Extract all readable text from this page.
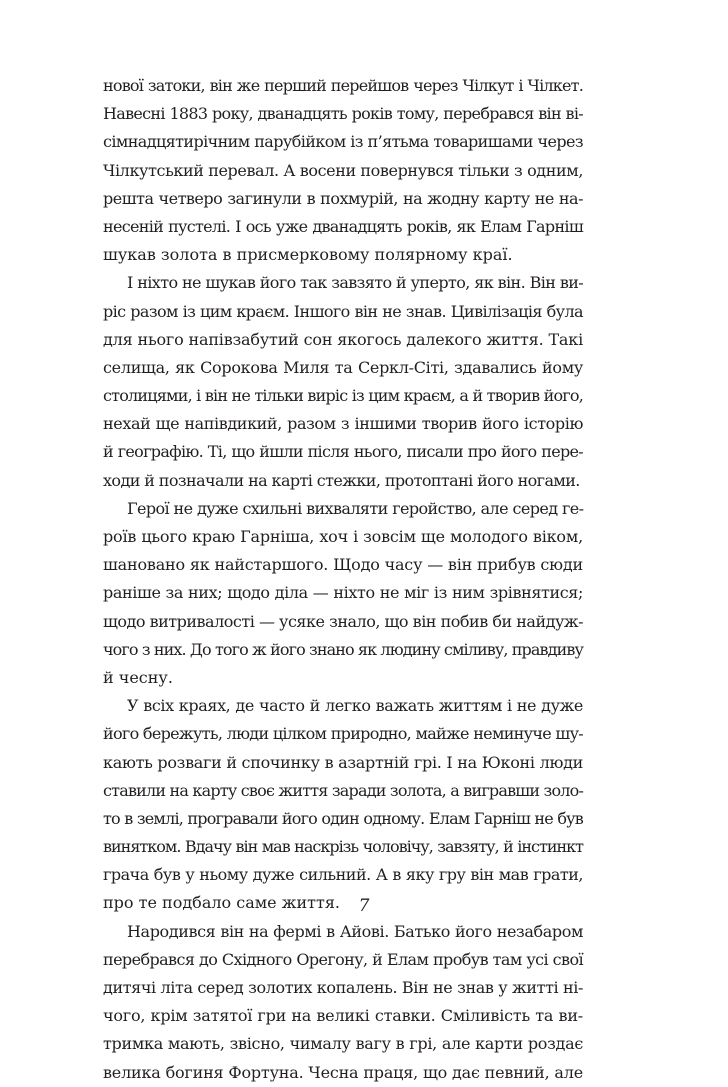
нової затоки, він же перший перейшов через Чілкут і Чілкет.
Навесні 1883 року, дванадцять років тому, перебрався він ві-
сімнадцятирічним парубійком із п’ятьма товаришами через
Чілкутський перевал. А восени повернувся тільки з одним,
решта четверо загинули в похмурій, на жодну карту не на-
несеній пустелі. І ось уже дванадцять років, як Елам Гарніш
шукав золота в присмерковому полярному краї.
І ніхто не шукав його так завзято й уперто, як він. Він ви-
ріс разом із цим краєм. Іншого він не знав. Цивілізація була
для нього напівзабутий сон якогось далекого життя. Такі
селища, як Сорокова Миля та Серкл-Сіті, здавались йому
столицями, і він не тільки виріс із цим краєм, а й творив його,
нехай ще напівдикий, разом з іншими творив його історію
й географію. Ті, що йшли після нього, писали про його пере-
ходи й позначали на карті стежки, протоптані його ногами.
Герої не дуже схильні вихваляти геройство, але серед ге-
роїв цього краю Гарніша, хоч і зовсім ще молодого віком,
шановано як найстаршого. Щодо часу — він прибув сюди
раніше за них; щодо діла — ніхто не міг із ним зрівнятися;
щодо витривалості — усяке знало, що він побив би найдуж-
чого з них. До того ж його знано як людину сміливу, правдиву
й чесну.
У всіх краях, де часто й легко важать життям і не дуже
його бережуть, люди цілком природно, майже неминуче шу-
кають розваги й спочинку в азартній грі. І на Юконі люди
ставили на карту своє життя заради золота, а вигравши золо-
то в землі, програвали його один одному. Елам Гарніш не був
винятком. Вдачу він мав наскрізь чоловічу, завзяту, й інстинкт
грача був у ньому дуже сильний. А в яку гру він мав грати,
про те подбало саме життя.
Народився він на фермі в Айові. Батько його незабаром
перебрався до Східного Орегону, й Елам пробув там усі свої
дитячі літа серед золотих копалень. Він не знав у житті ні-
чого, крім затятої гри на великі ставки. Сміливість та ви-
тримка мають, звісно, чималу вагу в грі, але карти роздає
велика богиня Фортуна. Чесна праця, що дає певний, але
7
